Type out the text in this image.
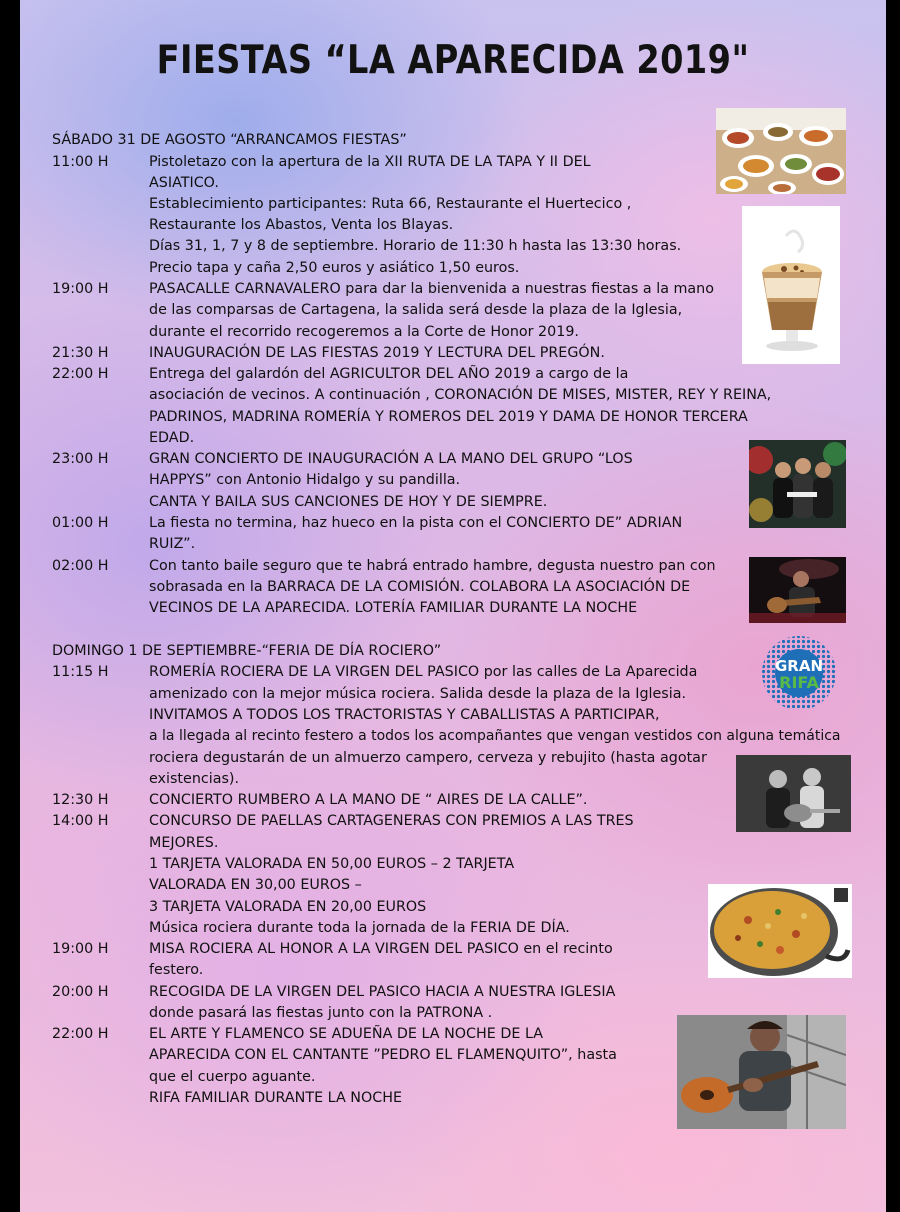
FIESTAS “LA APARECIDA 2019"
SÁBADO 31 DE AGOSTO “ARRANCAMOS FIESTAS”
11:00 H	Pistoletazo con la apertura de la XII RUTA DE LA TAPA Y II DEL
ASIATICO.
Establecimiento participantes: Ruta 66, Restaurante el Huertecico ,
Restaurante los Abastos, Venta los Blayas.
Días 31, 1, 7 y 8 de septiembre. Horario de 11:30 h hasta las 13:30 horas.
Precio tapa y caña 2,50 euros y asiático 1,50 euros.
19:00 H	PASACALLE CARNAVALERO para dar la bienvenida a nuestras fiestas a la mano
de las comparsas de Cartagena, la salida será desde la plaza de la Iglesia,
durante el recorrido recogeremos a la Corte de Honor 2019.
21:30 H	INAUGURACIÓN DE LAS FIESTAS 2019 Y LECTURA DEL PREGÓN.
22:00 H	Entrega del galardón del AGRICULTOR DEL AÑO 2019 a cargo de la
asociación de vecinos. A continuación , CORONACIÓN DE MISES, MISTER, REY Y REINA,
PADRINOS, MADRINA ROMERÍA Y ROMEROS DEL 2019 Y DAMA DE HONOR TERCERA
EDAD.
23:00 H	GRAN CONCIERTO DE INAUGURACIÓN A LA MANO DEL GRUPO “LOS
HAPPYS” con Antonio Hidalgo y su pandilla.
CANTA Y BAILA SUS CANCIONES DE HOY Y DE SIEMPRE.
01:00 H	La fiesta no termina, haz hueco en la pista con el CONCIERTO DE” ADRIAN
RUIZ”.
02:00 H	Con tanto baile seguro que te habrá entrado hambre, degusta nuestro pan con
sobrasada en la BARRACA DE LA COMISIÓN. COLABORA LA ASOCIACIÓN DE
VECINOS DE LA APARECIDA. LOTERÍA FAMILIAR DURANTE LA NOCHE
DOMINGO 1 DE SEPTIEMBRE-“FERIA DE DÍA ROCIERO”
11:15 H	ROMERÍA ROCIERA DE LA VIRGEN DEL PASICO por las calles de La Aparecida
amenizado con la mejor música rociera. Salida desde la plaza de la Iglesia.
INVITAMOS A TODOS LOS TRACTORISTAS Y CABALLISTAS A PARTICIPAR,
a la llegada al recinto festero a todos los acompañantes que vengan vestidos con alguna temática
rociera degustarán de un almuerzo campero, cerveza y rebujito (hasta agotar
existencias).
12:30 H	CONCIERTO RUMBERO A LA MANO DE “ AIRES DE LA CALLE”.
14:00 H	CONCURSO DE PAELLAS CARTAGENERAS CON PREMIOS A LAS TRES
MEJORES.
1 TARJETA VALORADA EN 50,00 EUROS – 2 TARJETA
VALORADA EN 30,00 EUROS –
3 TARJETA VALORADA EN 20,00 EUROS
Música rociera durante toda la jornada de la FERIA DE DÍA.
19:00 H	MISA ROCIERA AL HONOR A LA VIRGEN DEL PASICO en el recinto
festero.
20:00 H	RECOGIDA DE LA VIRGEN DEL PASICO HACIA A NUESTRA IGLESIA
donde pasará las fiestas junto con la PATRONA .
22:00 H	EL ARTE Y FLAMENCO SE ADUEÑA DE LA NOCHE DE LA
APARECIDA CON EL CANTANTE ”PEDRO EL FLAMENQUITO”, hasta
que el cuerpo aguante.
RIFA FAMILIAR DURANTE LA NOCHE
GRAN
RIFA
